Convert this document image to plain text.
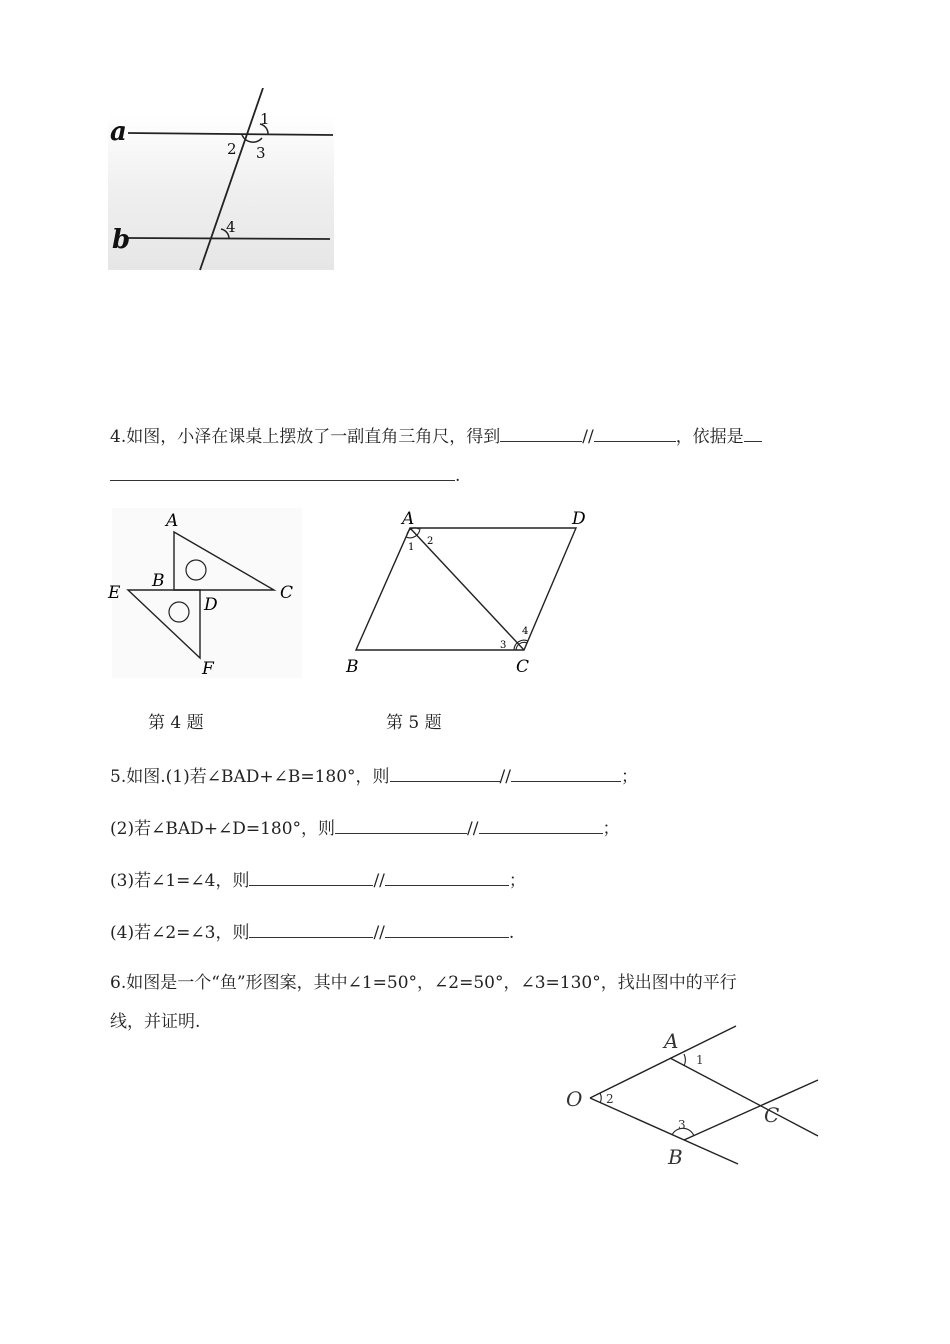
a
b
1
2 3
4
4.如图，小泽在课桌上摆放了一副直角三角尺，得到	//	，依据是
.
A
B
C
D
E
F
A
B	C
D
1
2
3
4
第 4 题	第 5 题
5.如图.(1)若∠BAD+∠B=180°，则	//	；
(2)若∠BAD+∠D=180°，则	//	；
(3)若∠1=∠4，则	//	；
(4)若∠2=∠3，则	//	.
6.如图是一个“鱼”形图案，其中∠1=50°，∠2=50°，∠3=130°，找出图中的平行
线，并证明.
A
B
C
O
1
2
3
